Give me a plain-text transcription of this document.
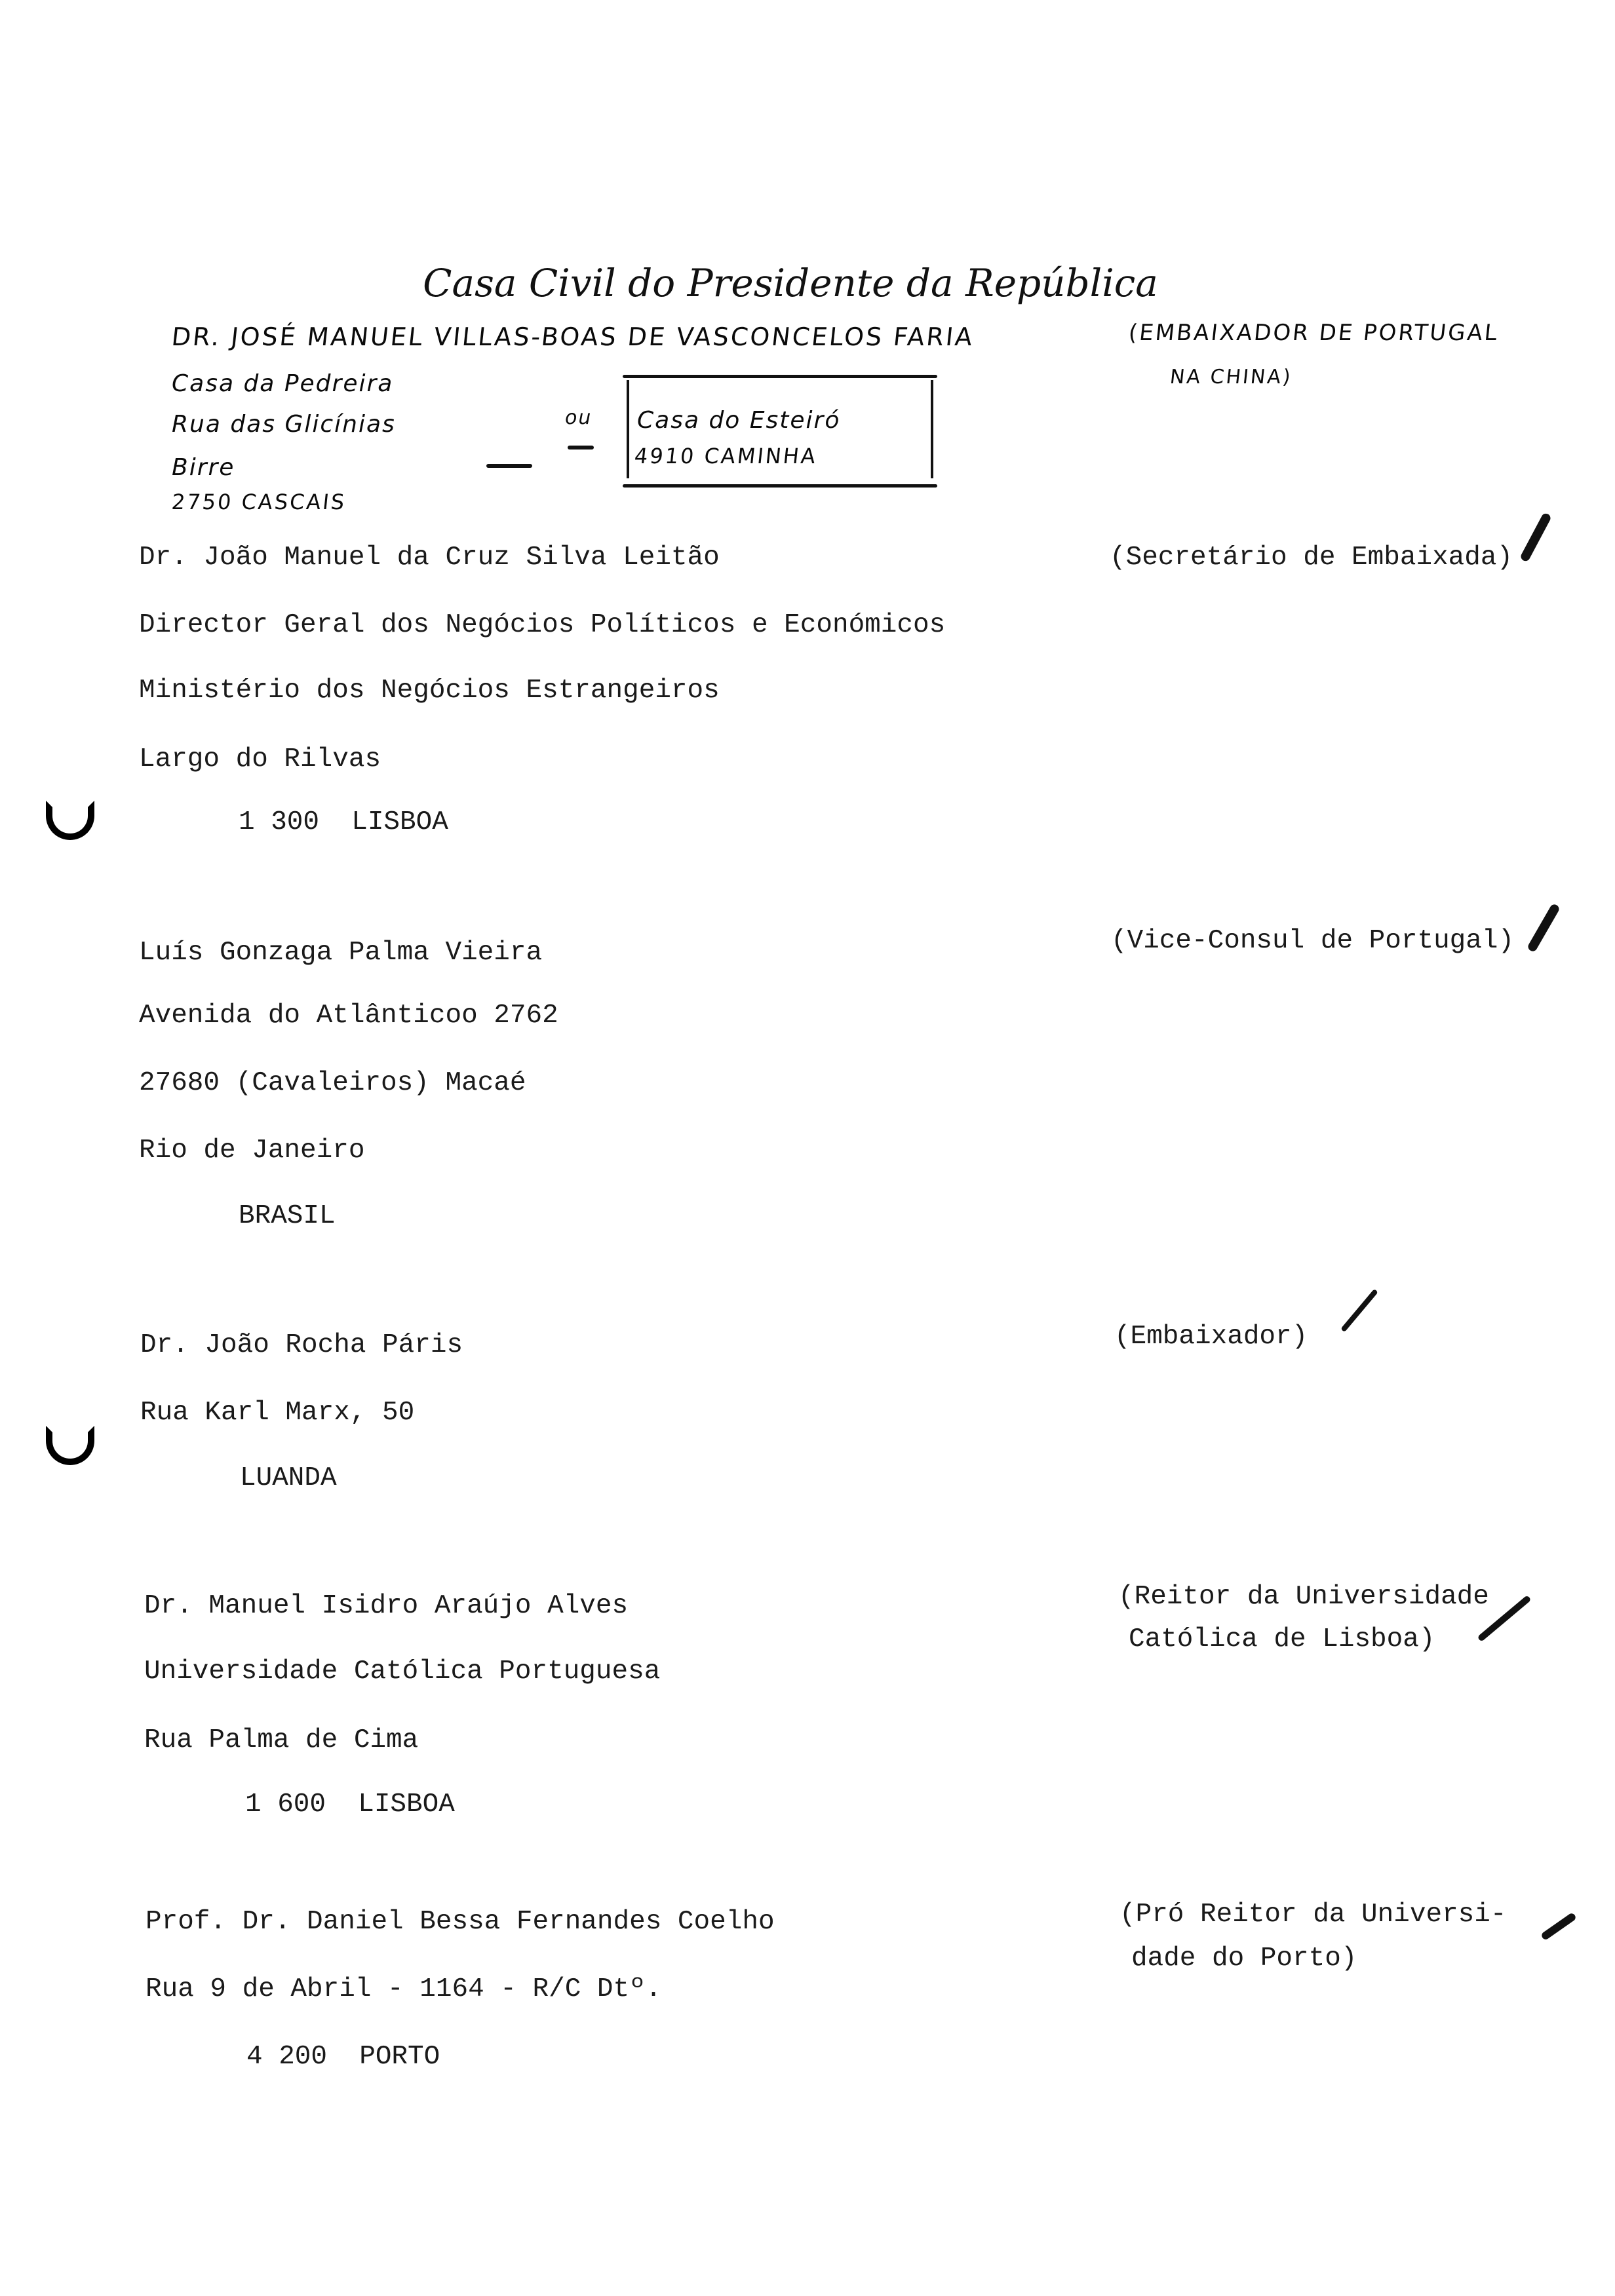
Casa Civil do Presidente da República
DR. JOSÉ MANUEL VILLAS-BOAS DE VASCONCELOS FARIA	(EMBAIXADOR DE PORTUGAL
NA CHINA)
Casa da Pedreira
Rua das Glicínias
Birre
2750 CASCAIS
ou Casa do Esteiró
4910 CAMINHA
Dr. João Manuel da Cruz Silva Leitão
Director Geral dos Negócios Políticos e Económicos
Ministério dos Negócios Estrangeiros
Largo do Rilvas
1 300  LISBOA
(Secretário de Embaixada)
Luís Gonzaga Palma Vieira
Avenida do Atlânticoo 2762
27680 (Cavaleiros) Macaé
Rio de Janeiro
BRASIL
(Vice-Consul de Portugal)
Dr. João Rocha Páris
Rua Karl Marx, 50
LUANDA
(Embaixador)
Dr. Manuel Isidro Araújo Alves
Universidade Católica Portuguesa
Rua Palma de Cima
1 600  LISBOA
(Reitor da Universidade
Católica de Lisboa)
Prof. Dr. Daniel Bessa Fernandes Coelho
Rua 9 de Abril - 1164 - R/C Dtº.
4 200  PORTO
(Pró Reitor da Universi-
dade do Porto)
